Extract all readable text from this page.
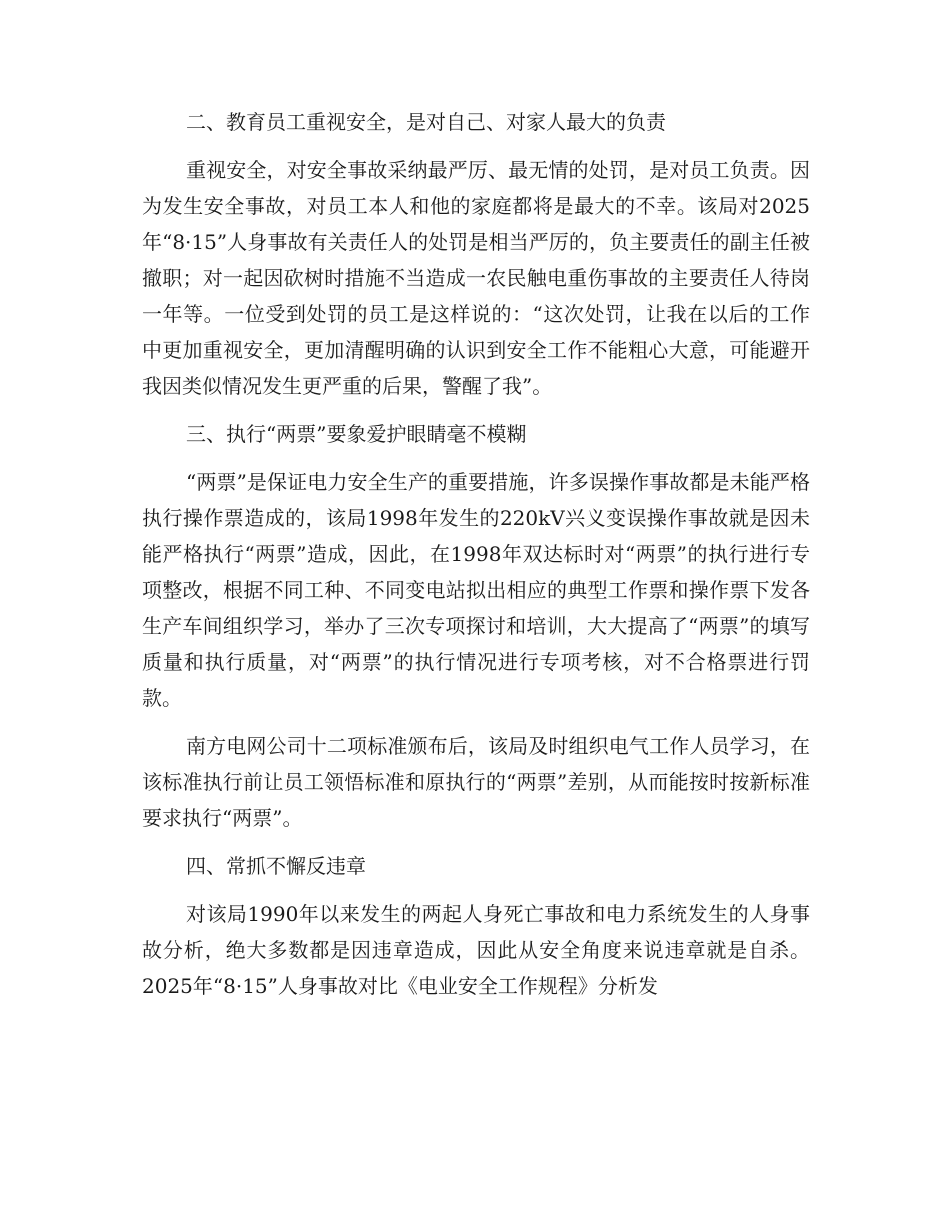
二、教育员工重视安全，是对自己、对家人最大的负责

重视安全，对安全事故采纳最严厉、最无情的处罚，是对员工负责。因为发生安全事故，对员工本人和他的家庭都将是最大的不幸。该局对2025年“8·15”人身事故有关责任人的处罚是相当严厉的，负主要责任的副主任被撤职；对一起因砍树时措施不当造成一农民触电重伤事故的主要责任人待岗一年等。一位受到处罚的员工是这样说的：“这次处罚，让我在以后的工作中更加重视安全，更加清醒明确的认识到安全工作不能粗心大意，可能避开我因类似情况发生更严重的后果，警醒了我”。

三、执行“两票”要象爱护眼睛毫不模糊

“两票”是保证电力安全生产的重要措施，许多误操作事故都是未能严格执行操作票造成的，该局1998年发生的220kV兴义变误操作事故就是因未能严格执行“两票”造成，因此，在1998年双达标时对“两票”的执行进行专项整改，根据不同工种、不同变电站拟出相应的典型工作票和操作票下发各生产车间组织学习，举办了三次专项探讨和培训，大大提高了“两票”的填写质量和执行质量，对“两票”的执行情况进行专项考核，对不合格票进行罚款。

南方电网公司十二项标准颁布后，该局及时组织电气工作人员学习，在该标准执行前让员工领悟标准和原执行的“两票”差别，从而能按时按新标准要求执行“两票”。

四、常抓不懈反违章

对该局1990年以来发生的两起人身死亡事故和电力系统发生的人身事故分析，绝大多数都是因违章造成，因此从安全角度来说违章就是自杀。2025年“8·15”人身事故对比《电业安全工作规程》分析发
